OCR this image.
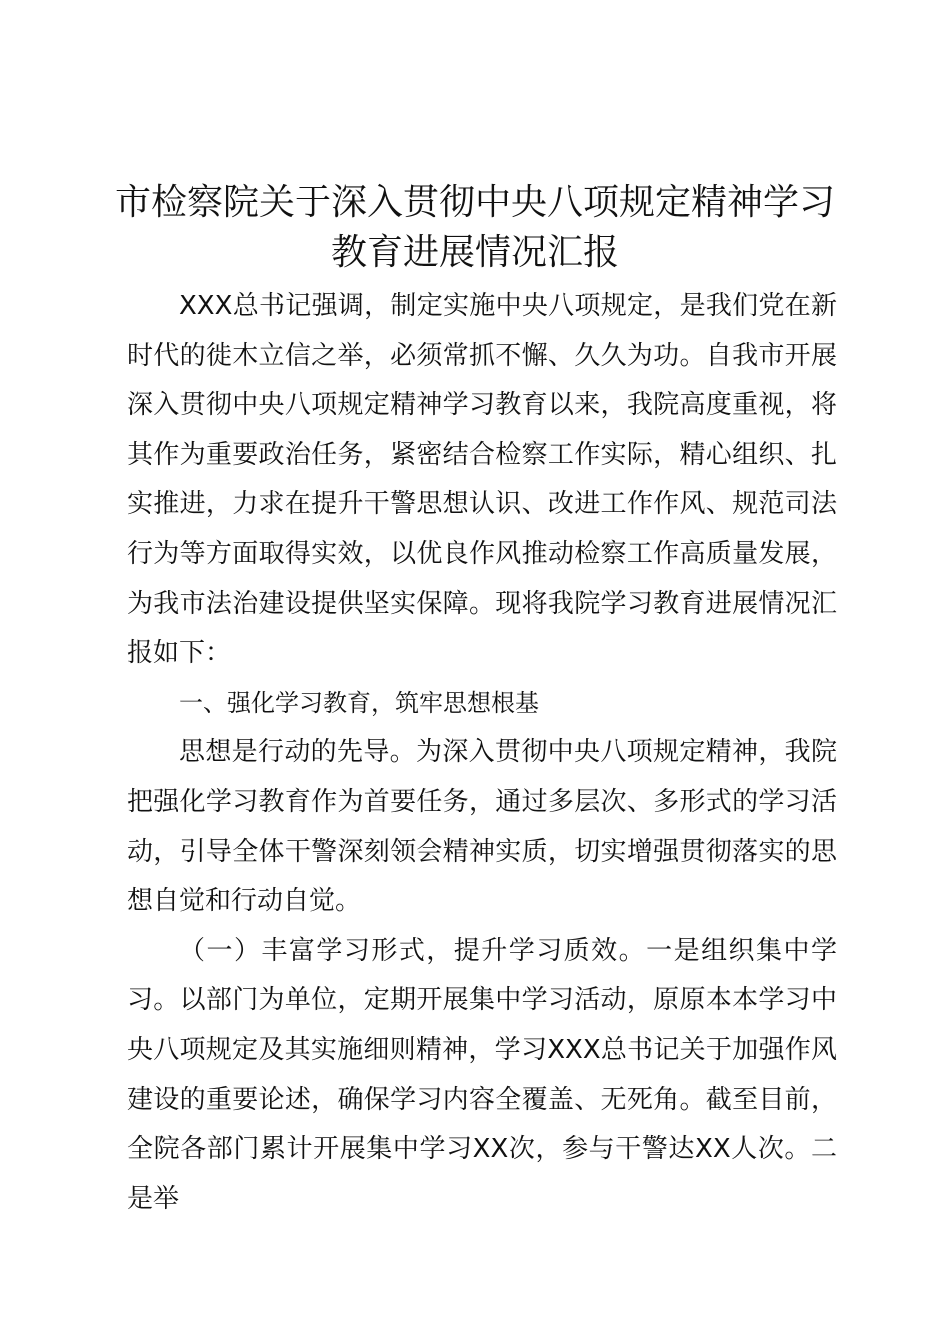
市检察院关于深入贯彻中央八项规定精神学习
教育进展情况汇报

XXX总书记强调，制定实施中央八项规定，是我们党在新时代的徙木立信之举，必须常抓不懈、久久为功。自我市开展深入贯彻中央八项规定精神学习教育以来，我院高度重视，将其作为重要政治任务，紧密结合检察工作实际，精心组织、扎实推进，力求在提升干警思想认识、改进工作作风、规范司法行为等方面取得实效，以优良作风推动检察工作高质量发展，为我市法治建设提供坚实保障。现将我院学习教育进展情况汇报如下：

一、强化学习教育，筑牢思想根基

思想是行动的先导。为深入贯彻中央八项规定精神，我院把强化学习教育作为首要任务，通过多层次、多形式的学习活动，引导全体干警深刻领会精神实质，切实增强贯彻落实的思想自觉和行动自觉。

（一）丰富学习形式，提升学习质效。一是组织集中学习。以部门为单位，定期开展集中学习活动，原原本本学习中央八项规定及其实施细则精神，学习XXX总书记关于加强作风建设的重要论述，确保学习内容全覆盖、无死角。截至目前，全院各部门累计开展集中学习XX次，参与干警达XX人次。二是举
